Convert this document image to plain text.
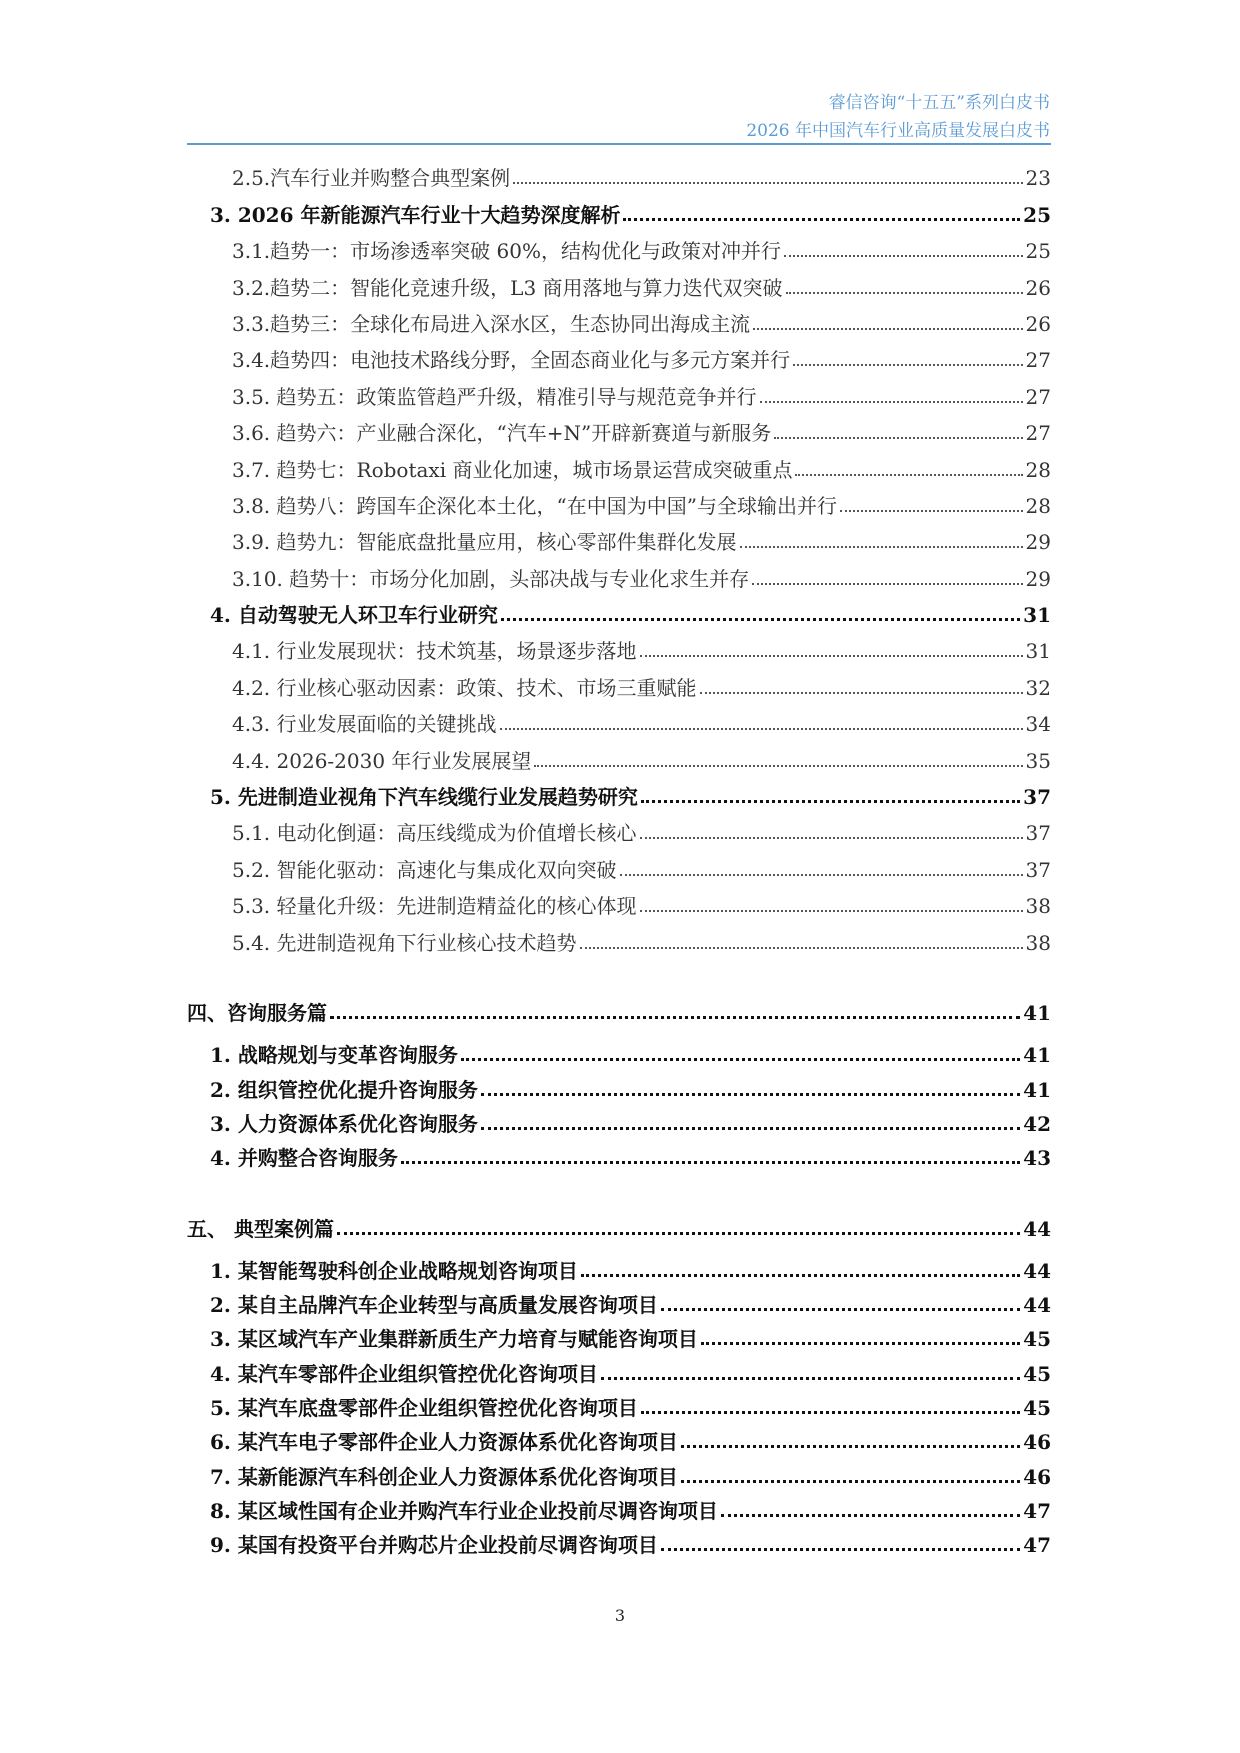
睿信咨询“十五五”系列白皮书
2026 年中国汽车行业高质量发展白皮书
2.5.汽车行业并购整合典型案例	23
3. 2026 年新能源汽车行业十大趋势深度解析	25
3.1.趋势一：市场渗透率突破 60%，结构优化与政策对冲并行	25
3.2.趋势二：智能化竞速升级，L3 商用落地与算力迭代双突破	26
3.3.趋势三：全球化布局进入深水区，生态协同出海成主流	26
3.4.趋势四：电池技术路线分野，全固态商业化与多元方案并行	27
3.5. 趋势五：政策监管趋严升级，精准引导与规范竞争并行	27
3.6. 趋势六：产业融合深化，“汽车+N”开辟新赛道与新服务	27
3.7. 趋势七：Robotaxi 商业化加速，城市场景运营成突破重点	28
3.8. 趋势八：跨国车企深化本土化，“在中国为中国”与全球输出并行	28
3.9. 趋势九：智能底盘批量应用，核心零部件集群化发展	29
3.10. 趋势十：市场分化加剧，头部决战与专业化求生并存	29
4. 自动驾驶无人环卫车行业研究	31
4.1. 行业发展现状：技术筑基，场景逐步落地	31
4.2. 行业核心驱动因素：政策、技术、市场三重赋能	32
4.3. 行业发展面临的关键挑战	34
4.4. 2026-2030 年行业发展展望	35
5. 先进制造业视角下汽车线缆行业发展趋势研究	37
5.1. 电动化倒逼：高压线缆成为价值增长核心	37
5.2. 智能化驱动：高速化与集成化双向突破	37
5.3. 轻量化升级：先进制造精益化的核心体现	38
5.4. 先进制造视角下行业核心技术趋势	38
四、咨询服务篇	41
1. 战略规划与变革咨询服务	41
2. 组织管控优化提升咨询服务	41
3. 人力资源体系优化咨询服务	42
4. 并购整合咨询服务	43
五、 典型案例篇	44
1. 某智能驾驶科创企业战略规划咨询项目	44
2. 某自主品牌汽车企业转型与高质量发展咨询项目	44
3. 某区域汽车产业集群新质生产力培育与赋能咨询项目	45
4. 某汽车零部件企业组织管控优化咨询项目	45
5. 某汽车底盘零部件企业组织管控优化咨询项目	45
6. 某汽车电子零部件企业人力资源体系优化咨询项目	46
7. 某新能源汽车科创企业人力资源体系优化咨询项目	46
8. 某区域性国有企业并购汽车行业企业投前尽调咨询项目	47
9. 某国有投资平台并购芯片企业投前尽调咨询项目	47
3
